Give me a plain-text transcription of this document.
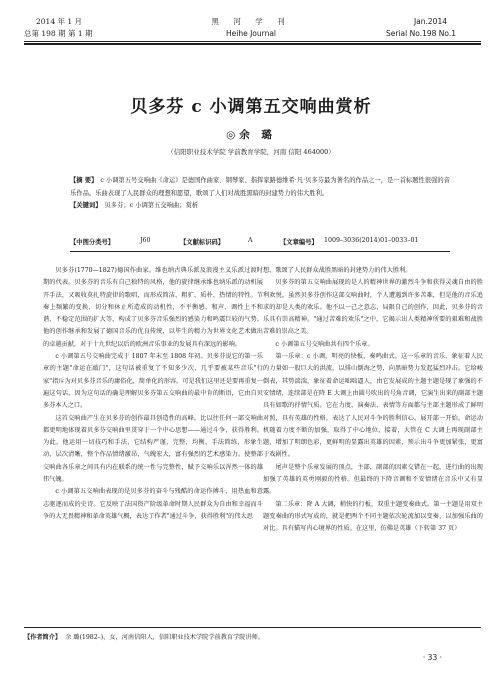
2014 年 1 月
总第 198 期 第 1 期
黑 河 学 刊
Heihe Journal
Jan.2014
Serial No.198 No.1
贝多芬 c 小调第五交响曲赏析
◎余 璐
（信阳职业技术学院 学前教育学院，河南 信阳 464000）

【摘 要】 c 小调第五号交响曲《命运》是德国作曲家、钢琴家、指挥家路德维希·凡·贝多芬最为著名的作品之一，是一首标题性很强的音乐作品。乐曲表现了人民群众的理想和愿望，歌颂了人们对战胜黑暗的封建势力的伟大胜利。

【关键词】 贝多芬；c 小调第五交响曲；赏析

【中图分类号】	J60	【文献标识码】	A	【文章编号】 1009–3036(2014)01–0033–01

贝多芬(1770—1827)德国作曲家。维也纳古典乐派及浪漫主义乐派过渡时期的代表。贝多芬的音乐有自己独特的风格，他的旋律继承维也纳乐派的动机展开手法，又吸收莫扎特旋律的歌唱，而形成简洁、粗犷、质朴、热情的特性。节奏上频繁的变换、切分和休止所造成的动机性，不平衡感，和声、调性上不和谐、不稳定范围的扩大等，构成了贝多芬音乐强烈的感染力和鸣震巨较的气势。他的创作继承和发展了德国音乐的优良传统，以毕生的精力为世界文化艺术做出的卓越贡献，对于十九世纪以后的欧洲音乐事业的发展具有深远的影响。

c 小调第五号交响曲完成于 1807 年末至 1808 年初。贝多芬说它的第一乐章的主题"命运在敲门"，这句话被重复了不知多少次，几乎要被某些音乐"行家"指斥为对贝多芬音乐的庸俗化，简单化的形容。可是我们这里还是要再重复一遍这句话，因为这句话的确是理解贝多芬第五交响曲的最中肯的断语，它由自贝多芬本人之口。

这首交响曲产生在贝多芬的创作最具创造性的高峰。比以往任何一部交响曲都更明地体现着贝多芬交响曲里贯穿于一个中心思想——通过斗争，获得胜利。为此，他运用一切技巧和手法，它结构严谨，完整，均衡，手法简练，形象生动，层次清晰，整个作品情绪激昂，气魄宏大，富有强烈的艺术感染力。使整部交响曲各乐章之间具有内在联系的统一性与完整性，赋予交响乐以浑然一体的雄伟气魄。

c 小调第五交响曲表现的是贝多芬的奋斗与残酷的命运作搏斗，用热血和意志驱逐而成的史诗。它反映了法国资产阶级革命时期人民群众为自由和幸福而斗争的大无畏精神和革命英雄气概，表达了作者"通过斗争，获得胜利"的伟大思

想，歌颂了人民群众战胜黑暗的封建势力的伟大胜利。

贝多芬的第五交响曲展现的是人的精神世界的激烈斗争和获得灵魂自由的胜利欢悦。虽然贝多芬创作这部交响曲时，个人遭遇到许多苦难，但是他的音乐追求的却是人类的欢乐。他不以一己之意志，局限自己的创作，因此，贝多芬的音乐具有崇高精神。"通过苦难的欢乐"之中，它揭示出人类精神所要的艰难和战胜苦难的崇高之美。

c 小调第五号交响曲共有四个乐章。

第一乐章：c 小调，明亮的快板，奏鸣曲式。这一乐章的音乐，象征着人民的力量如一股巨大的洪流，以排山倒海之势，向黑暗势力发起猛烈冲击。它给峻倒表，其势湍湍，象征着命运咄咄逼人，由它发展成的主题主题是现了象强的不安情绪，连续部是在降 E 大调上由圆号吹出的号角音调，它演生出来的副部主题具有如歌的抒情气质。它在力度、演奏法、表情等方面都与主部主题形成了鲜明对照，具有英雄的性格，表达了人民对斗争的胜利信心。展开部一开始，命运动机随着力度不断的加强，取得了中心地位，接着，大管在 C 大调上再现副部主题，增加了明朗色彩，更鲜明的显露出英雄的因素，预示出斗争更加紧张，更富于戏剧性。

尾声是整个乐章发展的顶点，主部，副部的因素交错在一起，进行曲的出现加强了英雄的英勇刚毅的性格。但最终的下降音调和不安情绪在音乐中又有显露。

第二乐章：降 A 大调，稍快的行板，双重主题变奏曲式。第一主题是用双主题变奏曲的形式写成的，就是把两个不同主题依次轮流加以变奏，以加强乐曲的对比。具有描写内心境界的性质。在这里，仿佛是英雄（下转第 37 页）

【作者简介】 余 璐(1982–)，女，河南信阳人，信阳职业技术学院学前教育学院讲师。
· 33 ·
